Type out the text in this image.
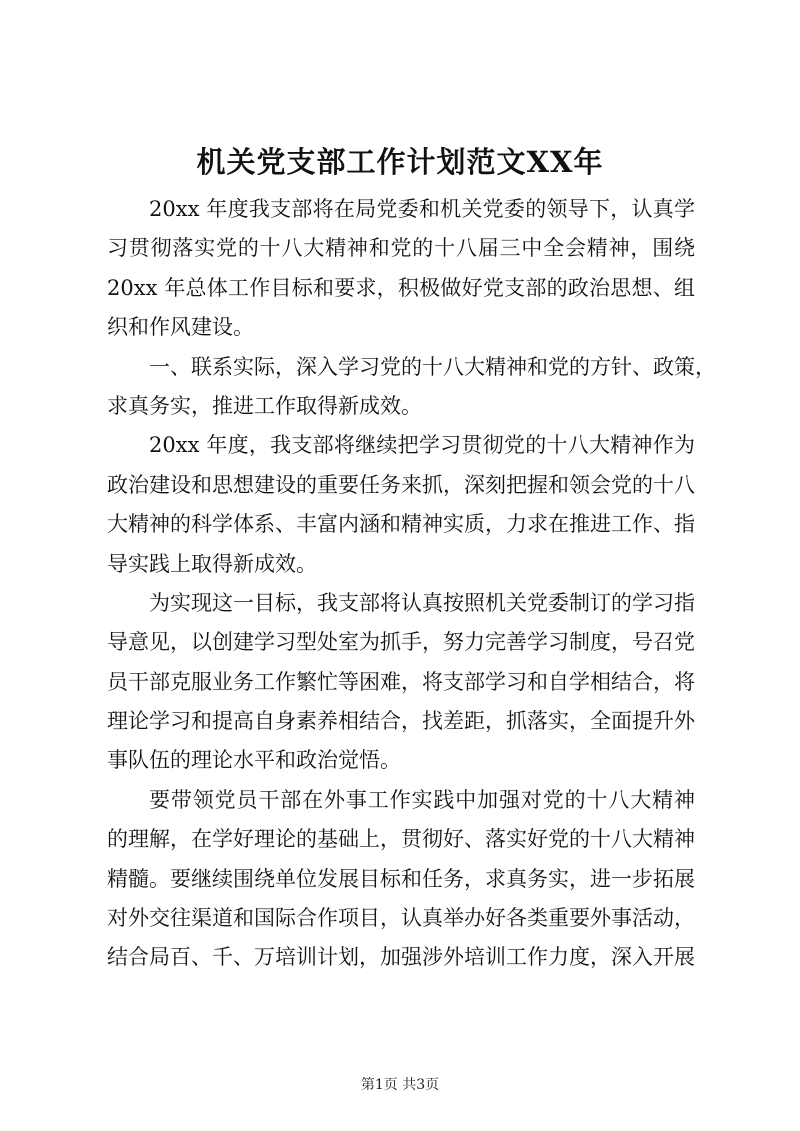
机关党支部工作计划范文XX年
20xx 年度我支部将在局党委和机关党委的领导下，认真学
习贯彻落实党的十八大精神和党的十八届三中全会精神，围绕
20xx 年总体工作目标和要求，积极做好党支部的政治思想、组
织和作风建设。
一、联系实际，深入学习党的十八大精神和党的方针、政策，
求真务实，推进工作取得新成效。
20xx 年度，我支部将继续把学习贯彻党的十八大精神作为
政治建设和思想建设的重要任务来抓，深刻把握和领会党的十八
大精神的科学体系、丰富内涵和精神实质，力求在推进工作、指
导实践上取得新成效。
为实现这一目标，我支部将认真按照机关党委制订的学习指
导意见，以创建学习型处室为抓手，努力完善学习制度，号召党
员干部克服业务工作繁忙等困难，将支部学习和自学相结合，将
理论学习和提高自身素养相结合，找差距，抓落实，全面提升外
事队伍的理论水平和政治觉悟。
要带领党员干部在外事工作实践中加强对党的十八大精神
的理解，在学好理论的基础上，贯彻好、落实好党的十八大精神
精髓。要继续围绕单位发展目标和任务，求真务实，进一步拓展
对外交往渠道和国际合作项目，认真举办好各类重要外事活动，
结合局百、千、万培训计划，加强涉外培训工作力度，深入开展
第1页 共3页
